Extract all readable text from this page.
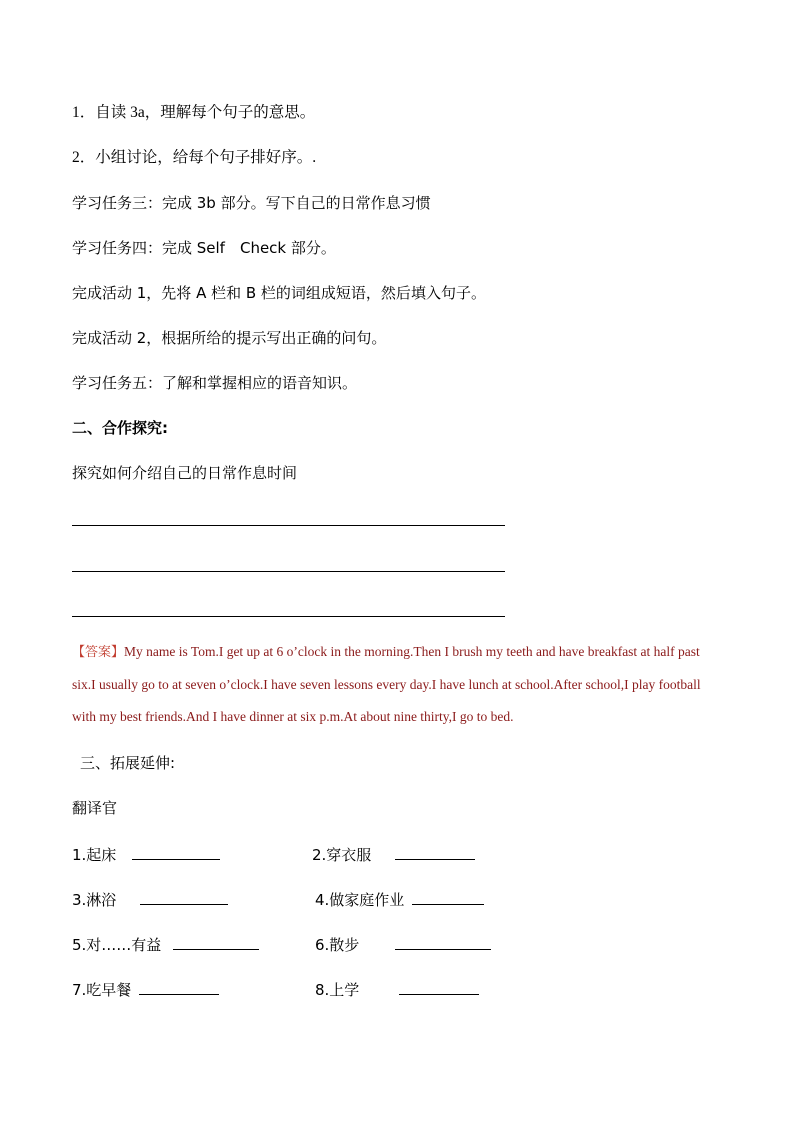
1．自读 3a，理解每个句子的意思。
2．小组讨论，给每个句子排好序。.
学习任务三：完成 3b 部分。写下自己的日常作息习惯
学习任务四：完成 Self　Check 部分。
完成活动 1，先将 A 栏和 B 栏的词组成短语，然后填入句子。
完成活动 2，根据所给的提示写出正确的问句。
学习任务五：了解和掌握相应的语音知识。
二、合作探究:
探究如何介绍自己的日常作息时间
【答案】My name is Tom.I get up at 6 o’clock in the morning.Then I brush my teeth and have breakfast at half past six.I usually go to at seven o’clock.I have seven lessons every day.I have lunch at school.After school,I play football with my best friends.And I have dinner at six p.m.At about nine thirty,I go to bed.
三、拓展延伸:
翻译官
1.起床	2.穿衣服
3.淋浴	4.做家庭作业
5.对……有益	6.散步
7.吃早餐	8.上学
